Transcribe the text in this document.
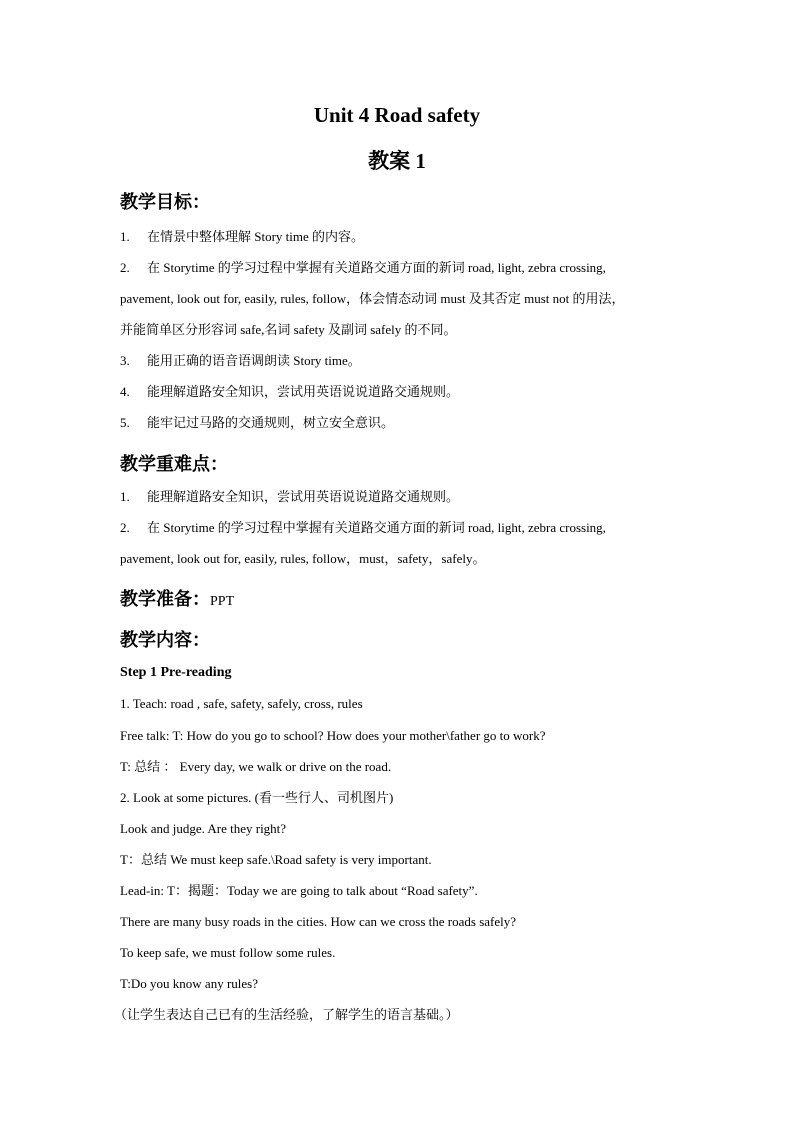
Unit 4 Road safety
教案 1
教学目标：
1. 在情景中整体理解 Story time 的内容。
2. 在 Storytime 的学习过程中掌握有关道路交通方面的新词 road, light, zebra crossing,
pavement, look out for, easily, rules, follow，体会情态动词 must 及其否定 must not 的用法，
并能简单区分形容词 safe,名词 safety 及副词 safely 的不同。
3. 能用正确的语音语调朗读 Story time。
4. 能理解道路安全知识，尝试用英语说说道路交通规则。
5. 能牢记过马路的交通规则，树立安全意识。
教学重难点：
1. 能理解道路安全知识，尝试用英语说说道路交通规则。
2. 在 Storytime 的学习过程中掌握有关道路交通方面的新词 road, light, zebra crossing,
pavement, look out for, easily, rules, follow，must，safety，safely。
教学准备：PPT
教学内容：
Step 1 Pre-reading
1. Teach: road , safe, safety, safely, cross, rules
Free talk: T: How do you go to school? How does your mother\father go to work?
T: 总结 ： Every day, we walk or drive on the road.
2. Look at some pictures. (看一些行人、司机图片)
Look and judge. Are they right?
T：总结 We must keep safe.\Road safety is very important.
Lead-in: T：揭题：Today we are going to talk about “Road safety”.
There are many busy roads in the cities. How can we cross the roads safely?
To keep safe, we must follow some rules.
T:Do you know any rules?
（让学生表达自己已有的生活经验，了解学生的语言基础。）
